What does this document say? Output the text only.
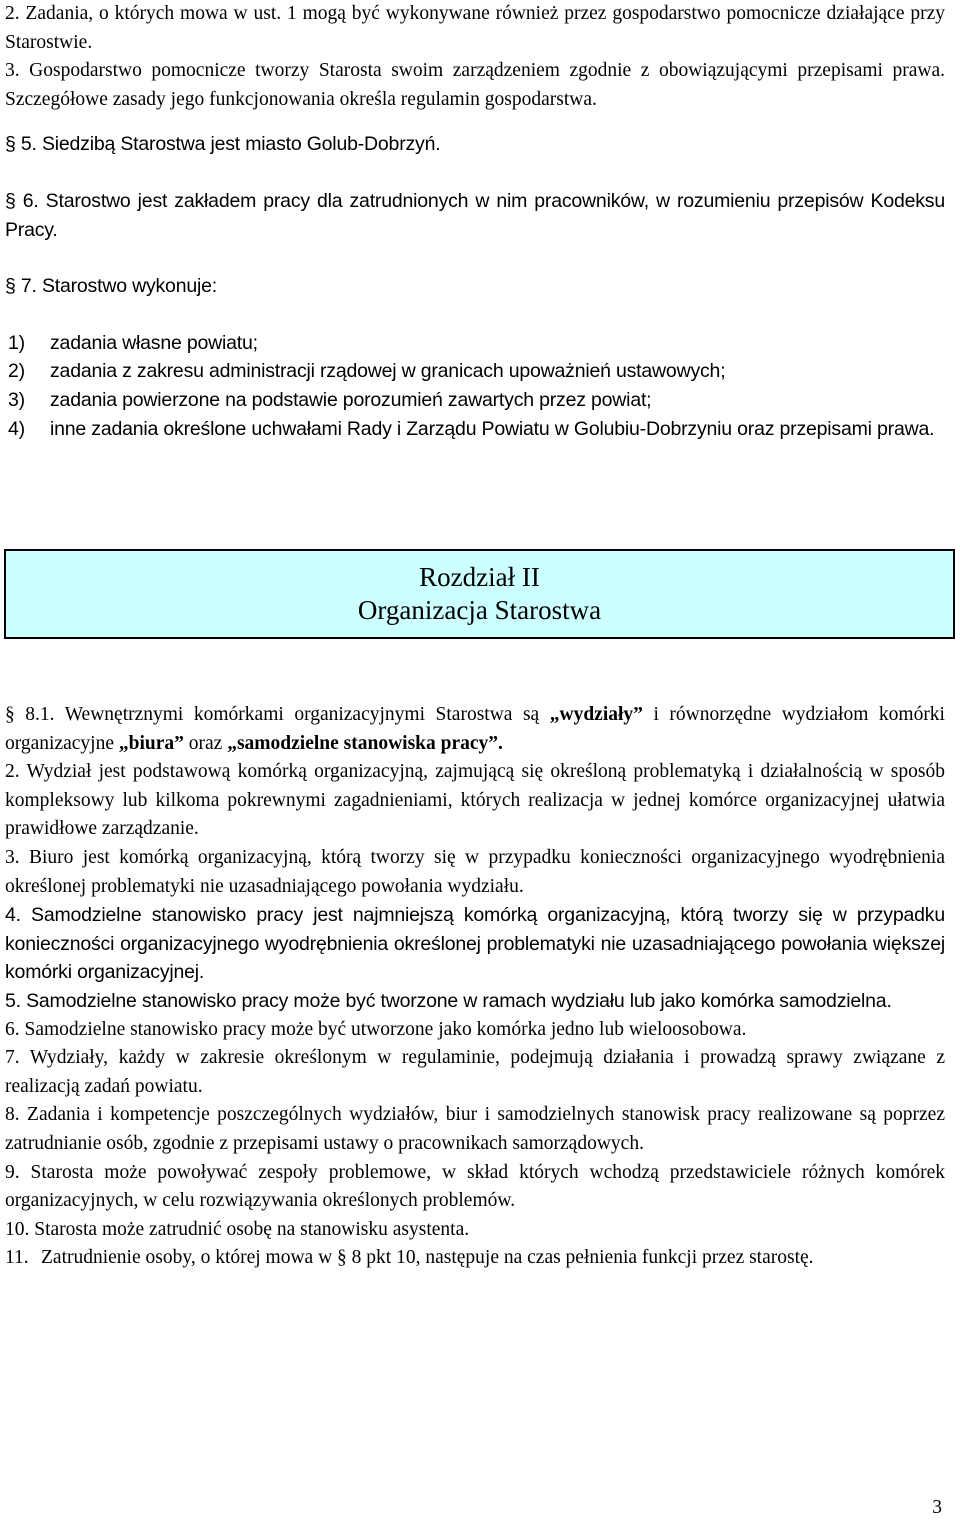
2. Zadania, o których mowa w ust. 1 mogą być wykonywane również przez gospodarstwo pomocnicze działające przy Starostwie.

3. Gospodarstwo pomocnicze tworzy Starosta swoim zarządzeniem zgodnie z obowiązującymi przepisami prawa. Szczegółowe zasady jego funkcjonowania określa regulamin gospodarstwa.

§ 5. Siedzibą Starostwa jest miasto Golub-Dobrzyń.

§ 6. Starostwo jest zakładem pracy dla zatrudnionych w nim pracowników, w rozumieniu przepisów Kodeksu Pracy.

§ 7. Starostwo wykonuje:

1)	zadania własne powiatu;
2)	zadania z zakresu administracji rządowej w granicach upoważnień ustawowych;
3)	zadania powierzone na podstawie porozumień zawartych przez powiat;
4)	inne zadania określone uchwałami Rady i Zarządu Powiatu w Golubiu-Dobrzyniu oraz przepisami prawa.
Rozdział II
Organizacja Starostwa

§ 8.1. Wewnętrznymi komórkami organizacyjnymi Starostwa są „wydziały” i równorzędne wydziałom komórki organizacyjne „biura” oraz „samodzielne stanowiska pracy”.

2. Wydział jest podstawową komórką organizacyjną, zajmującą się określoną problematyką i działalnością w sposób kompleksowy lub kilkoma pokrewnymi zagadnieniami, których realizacja w jednej komórce organizacyjnej ułatwia prawidłowe zarządzanie.

3. Biuro jest komórką organizacyjną, którą tworzy się w przypadku konieczności organizacyjnego wyodrębnienia określonej problematyki nie uzasadniającego powołania wydziału.

4. Samodzielne stanowisko pracy jest najmniejszą komórką organizacyjną, którą tworzy się w przypadku konieczności organizacyjnego wyodrębnienia określonej problematyki nie uzasadniającego powołania większej komórki organizacyjnej.

5. Samodzielne stanowisko pracy może być tworzone w ramach wydziału lub jako komórka samodzielna.

6. Samodzielne stanowisko pracy może być utworzone jako komórka jedno lub wieloosobowa.

7. Wydziały, każdy w zakresie określonym w regulaminie, podejmują działania i prowadzą sprawy związane z realizacją zadań powiatu.

8. Zadania i kompetencje poszczególnych wydziałów, biur i samodzielnych stanowisk pracy realizowane są poprzez zatrudnianie osób, zgodnie z przepisami ustawy o pracownikach samorządowych.

9. Starosta może powoływać zespoły problemowe, w skład których wchodzą przedstawiciele różnych komórek organizacyjnych, w celu rozwiązywania określonych problemów.

10. Starosta może zatrudnić osobę na stanowisku asystenta.

11. Zatrudnienie osoby, o której mowa w § 8 pkt 10, następuje na czas pełnienia funkcji przez starostę.
3
